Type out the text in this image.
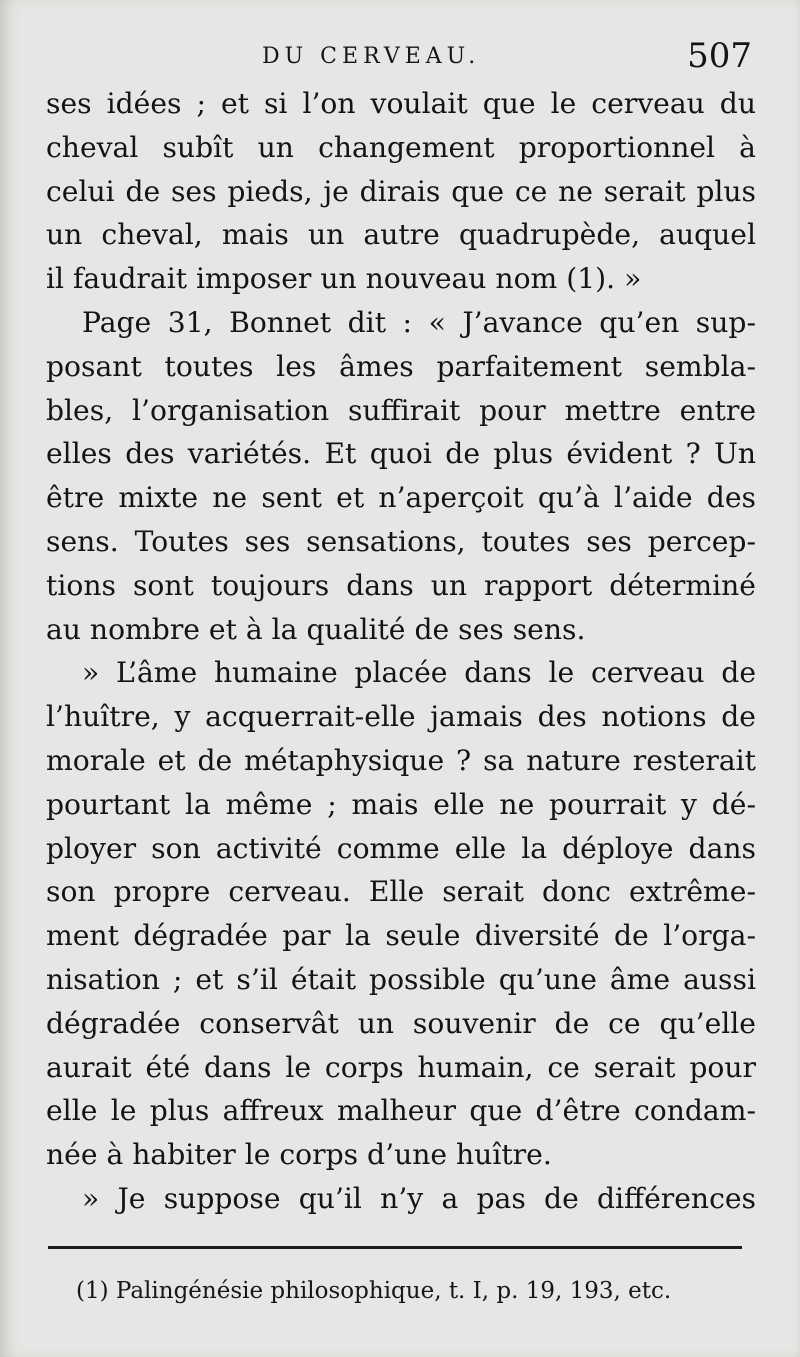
DU CERVEAU.	507
ses idées ; et si l’on voulait que le cerveau du
cheval subît un changement proportionnel à
celui de ses pieds, je dirais que ce ne serait plus
un cheval, mais un autre quadrupède, auquel
il faudrait imposer un nouveau nom (1). »
Page 31, Bonnet dit : « J’avance qu’en sup-
posant toutes les âmes parfaitement sembla-
bles, l’organisation suffirait pour mettre entre
elles des variétés. Et quoi de plus évident ? Un
être mixte ne sent et n’aperçoit qu’à l’aide des
sens. Toutes ses sensations, toutes ses percep-
tions sont toujours dans un rapport déterminé
au nombre et à la qualité de ses sens.
» L’âme humaine placée dans le cerveau de
l’huître, y acquerrait-elle jamais des notions de
morale et de métaphysique ? sa nature resterait
pourtant la même ; mais elle ne pourrait y dé-
ployer son activité comme elle la déploye dans
son propre cerveau. Elle serait donc extrême-
ment dégradée par la seule diversité de l’orga-
nisation ; et s’il était possible qu’une âme aussi
dégradée conservât un souvenir de ce qu’elle
aurait été dans le corps humain, ce serait pour
elle le plus affreux malheur que d’être condam-
née à habiter le corps d’une huître.
» Je suppose qu’il n’y a pas de différences
(1) Palingénésie philosophique, t. I, p. 19, 193, etc.
